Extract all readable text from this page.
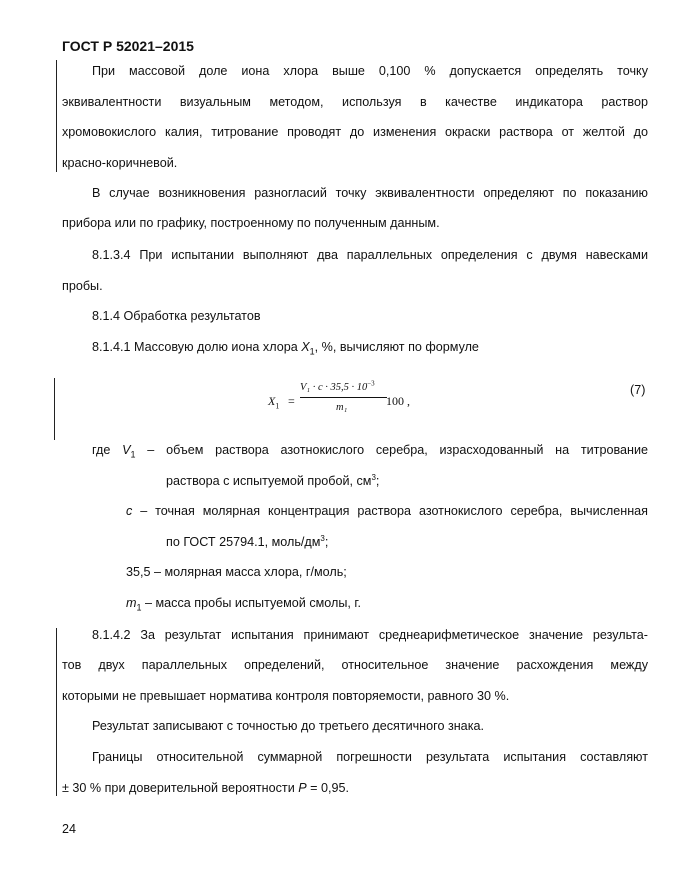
ГОСТ Р 52021–2015
При массовой доле иона хлора выше 0,100 % допускается определять точку
эквивалентности визуальным методом, используя в качестве индикатора раствор
хромовокислого калия, титрование проводят до изменения окраски раствора от желтой до
красно-коричневой.
В случае возникновения разногласий точку эквивалентности определяют по показанию
прибора или по графику, построенному по полученным данным.
8.1.3.4 При испытании выполняют два параллельных определения с двумя навесками
пробы.
8.1.4 Обработка результатов
8.1.4.1 Массовую долю иона хлора $X_1$, %, вычисляют по формуле
$X_1$ =
$V_1 \cdot c \cdot 35,5 \cdot 10^{-3}$
m₁	100 ,
(7)
где $V_1$ – объем раствора азотнокислого серебра, израсходованный на титрование
раствора с испытуемой пробой, $см^3$;
c – точная молярная концентрация раствора азотнокислого серебра, вычисленная
по ГОСТ 25794.1, моль/$дм^3$;
35,5 – молярная масса хлора, г/моль;
$m_1$ – масса пробы испытуемой смолы, г.
8.1.4.2 За результат испытания принимают среднеарифметическое значение результа-
тов двух параллельных определений, относительное значение расхождения между
которыми не превышает норматива контроля повторяемости, равного 30 %.
Результат записывают с точностью до третьего десятичного знака.
Границы относительной суммарной погрешности результата испытания составляют
± 30 % при доверительной вероятности P = 0,95.
24
